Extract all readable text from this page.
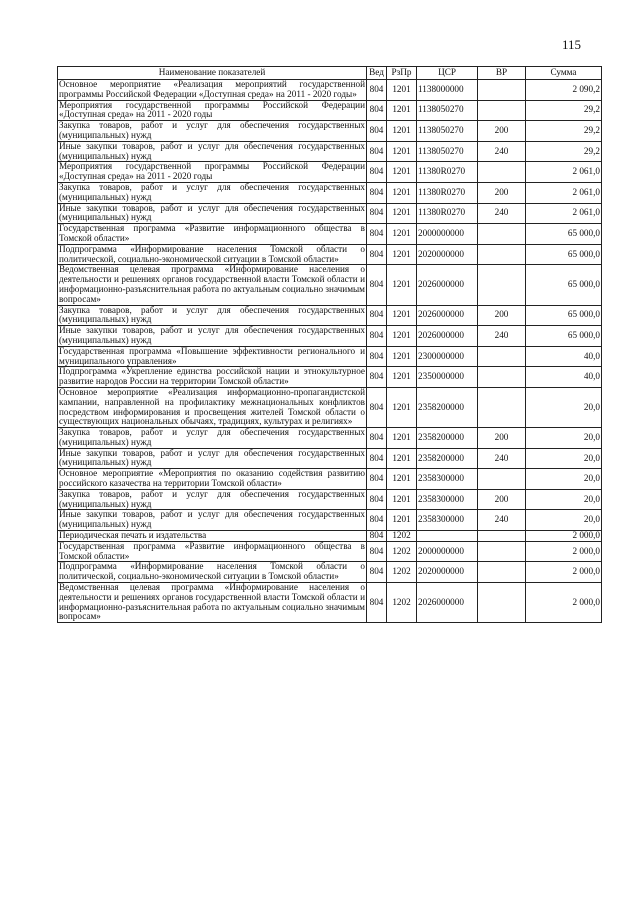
115
Наименование показателей	Вед	РзПр	ЦСР	ВР	Сумма
Основное мероприятие «Реализация мероприятий государственной программы Российской Федерации «Доступная среда» на 2011 - 2020 годы»	804	1201	1138000000		2 090,2
Мероприятия государственной программы Российской Федерации «Доступная среда» на 2011 - 2020 годы	804	1201	1138050270		29,2
Закупка товаров, работ и услуг для обеспечения государственных (муниципальных) нужд	804	1201	1138050270	200	29,2
Иные закупки товаров, работ и услуг для обеспечения государственных (муниципальных) нужд	804	1201	1138050270	240	29,2
Мероприятия государственной программы Российской Федерации «Доступная среда» на 2011 - 2020 годы	804	1201	11380R0270		2 061,0
Закупка товаров, работ и услуг для обеспечения государственных (муниципальных) нужд	804	1201	11380R0270	200	2 061,0
Иные закупки товаров, работ и услуг для обеспечения государственных (муниципальных) нужд	804	1201	11380R0270	240	2 061,0
Государственная программа «Развитие информационного общества в Томской области»	804	1201	2000000000		65 000,0
Подпрограмма «Информирование населения Томской области о политической, социально-экономической ситуации в Томской области»	804	1201	2020000000		65 000,0
Ведомственная целевая программа «Информирование населения о деятельности и решениях органов государственной власти Томской области и информационно-разъяснительная работа по актуальным социально значимым вопросам»	804	1201	2026000000		65 000,0
Закупка товаров, работ и услуг для обеспечения государственных (муниципальных) нужд	804	1201	2026000000	200	65 000,0
Иные закупки товаров, работ и услуг для обеспечения государственных (муниципальных) нужд	804	1201	2026000000	240	65 000,0
Государственная программа «Повышение эффективности регионального и муниципального управления»	804	1201	2300000000		40,0
Подпрограмма «Укрепление единства российской нации и этнокультурное развитие народов России на территории Томской области»	804	1201	2350000000		40,0
Основное мероприятие «Реализация информационно-пропагандистской кампании, направленной на профилактику межнациональных конфликтов посредством информирования и просвещения жителей Томской области о существующих национальных обычаях, традициях, культурах и религиях»	804	1201	2358200000		20,0
Закупка товаров, работ и услуг для обеспечения государственных (муниципальных) нужд	804	1201	2358200000	200	20,0
Иные закупки товаров, работ и услуг для обеспечения государственных (муниципальных) нужд	804	1201	2358200000	240	20,0
Основное мероприятие «Мероприятия по оказанию содействия развитию российского казачества на территории Томской области»	804	1201	2358300000		20,0
Закупка товаров, работ и услуг для обеспечения государственных (муниципальных) нужд	804	1201	2358300000	200	20,0
Иные закупки товаров, работ и услуг для обеспечения государственных (муниципальных) нужд	804	1201	2358300000	240	20,0
Периодическая печать и издательства	804	1202			2 000,0
Государственная программа «Развитие информационного общества в Томской области»	804	1202	2000000000		2 000,0
Подпрограмма «Информирование населения Томской области о политической, социально-экономической ситуации в Томской области»	804	1202	2020000000		2 000,0
Ведомственная целевая программа «Информирование населения о деятельности и решениях органов государственной власти Томской области и информационно-разъяснительная работа по актуальным социально значимым вопросам»	804	1202	2026000000		2 000,0
